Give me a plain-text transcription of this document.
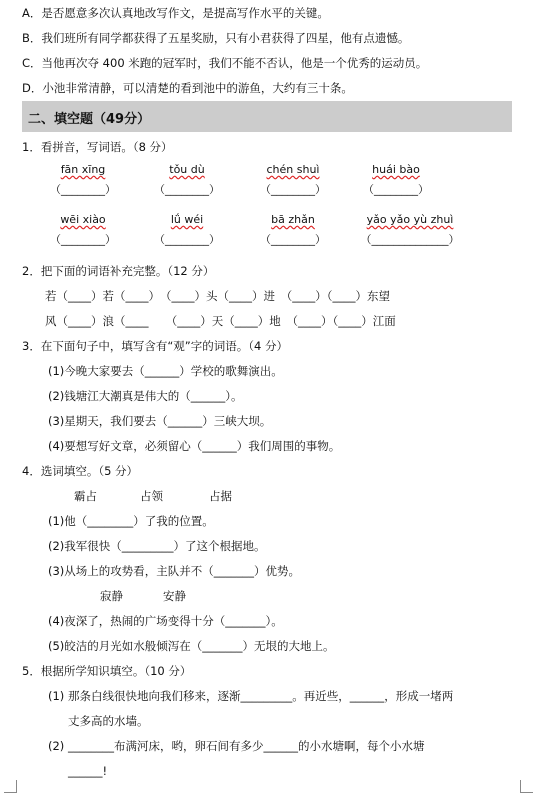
A．是否愿意多次认真地改写作文，是提高写作水平的关键。
B．我们班所有同学都获得了五星奖励，只有小君获得了四星，他有点遗憾。
C．当他再次夺 400 米跑的冠军时，我们不能不否认，他是一个优秀的运动员。
D．小池非常清静，可以清楚的看到池中的游鱼，大约有三十条。
二、填空题（49分）
1．看拼音，写词语。（8 分）
fān xīng
（________）
tǒu dù
（________）
chén shuì
（________）
huái bào
（________）
wēi xiào
（________）
lǘ wéi
（________）
bā zhǎn
（________）
yǎo yǎo yù zhuì
（______________）
2．把下面的词语补充完整。（12 分）
若（____）若（____）　（____）头（____）进　（____）（____）东望
风（____）浪（____　　（____）天（____）地　（____）（____）江面
3．在下面句子中，填写含有“观”字的词语。（4 分）
(1)今晚大家要去（______）学校的歌舞演出。
(2)钱塘江大潮真是伟大的（______）。
(3)星期天，我们要去（______）三峡大坝。
(4)要想写好文章，必须留心（______）我们周围的事物。
4．选词填空。（5 分）
霸占	占领	占据
(1)他（________）了我的位置。
(2)我军很快（_________）了这个根据地。
(3)从场上的攻势看，主队并不（_______）优势。
寂静	安静
(4)夜深了，热闹的广场变得十分（_______）。
(5)皎洁的月光如水般倾泻在（_______）无垠的大地上。
5．根据所学知识填空。（10 分）
(1) 那条白线很快地向我们移来，逐渐_________。再近些，______，形成一堵两
丈多高的水墙。
(2) ________布满河床，哟，卵石间有多少______的小水塘啊，每个小水塘
______!
